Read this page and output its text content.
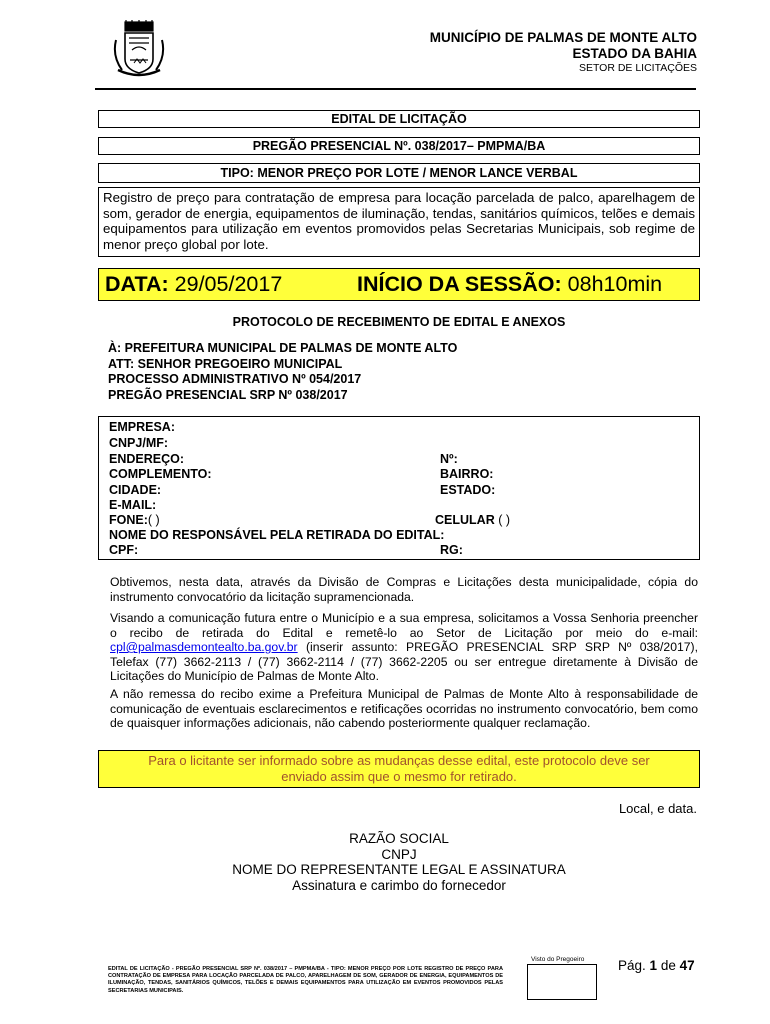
MUNICÍPIO DE PALMAS DE MONTE ALTO
ESTADO DA BAHIA
SETOR DE LICITAÇÕES
EDITAL DE LICITAÇÃO
PREGÃO PRESENCIAL Nº. 038/2017– PMPMA/BA
TIPO: MENOR PREÇO POR LOTE / MENOR LANCE VERBAL
Registro de preço para contratação de empresa para locação parcelada de palco, aparelhagem de som, gerador de energia, equipamentos de iluminação, tendas, sanitários químicos, telões e demais equipamentos para utilização em eventos promovidos pelas Secretarias Municipais, sob regime de menor preço global por lote.
DATA: 29/05/2017	INÍCIO DA SESSÃO: 08h10min
PROTOCOLO DE RECEBIMENTO DE EDITAL E ANEXOS
À: PREFEITURA MUNICIPAL DE PALMAS DE MONTE ALTO
ATT: SENHOR PREGOEIRO MUNICIPAL
PROCESSO ADMINISTRATIVO Nº 054/2017
PREGÃO PRESENCIAL SRP Nº 038/2017
EMPRESA:
CNPJ/MF:
ENDEREÇO:	Nº:
COMPLEMENTO:	BAIRRO:
CIDADE:	ESTADO:
E-MAIL:
FONE:( )	CELULAR ( )
NOME DO RESPONSÁVEL PELA RETIRADA DO EDITAL:
CPF:	RG:
Obtivemos, nesta data, através da Divisão de Compras e Licitações desta municipalidade, cópia do instrumento convocatório da licitação supramencionada.
Visando a comunicação futura entre o Município e a sua empresa, solicitamos a Vossa Senhoria preencher o recibo de retirada do Edital e remetê-lo ao Setor de Licitação por meio do e-mail: cpl@palmasdemontealto.ba.gov.br (inserir assunto: PREGÃO PRESENCIAL SRP SRP Nº 038/2017), Telefax (77) 3662-2113 / (77) 3662-2114 / (77) 3662-2205 ou ser entregue diretamente à Divisão de Licitações do Município de Palmas de Monte Alto.
A não remessa do recibo exime a Prefeitura Municipal de Palmas de Monte Alto à responsabilidade de comunicação de eventuais esclarecimentos e retificações ocorridas no instrumento convocatório, bem como de quaisquer informações adicionais, não cabendo posteriormente qualquer reclamação.
Para o licitante ser informado sobre as mudanças desse edital, este protocolo deve ser
enviado assim que o mesmo for retirado.
Local, e data.
RAZÃO SOCIAL
CNPJ
NOME DO REPRESENTANTE LEGAL E ASSINATURA
Assinatura e carimbo do fornecedor
EDITAL DE LICITAÇÃO - PREGÃO PRESENCIAL SRP Nº. 038/2017 – PMPMA/BA - TIPO: MENOR PREÇO POR LOTE REGISTRO DE PREÇO PARA CONTRATAÇÃO DE EMPRESA PARA LOCAÇÃO PARCELADA DE PALCO, APARELHAGEM DE SOM, GERADOR DE ENERGIA, EQUIPAMENTOS DE ILUMINAÇÃO, TENDAS, SANITÁRIOS QUÍMICOS, TELÕES E DEMAIS EQUIPAMENTOS PARA UTILIZAÇÃO EM EVENTOS PROMOVIDOS PELAS SECRETARIAS MUNICIPAIS.
Visto do Pregoeiro Pág. 1 de 47
